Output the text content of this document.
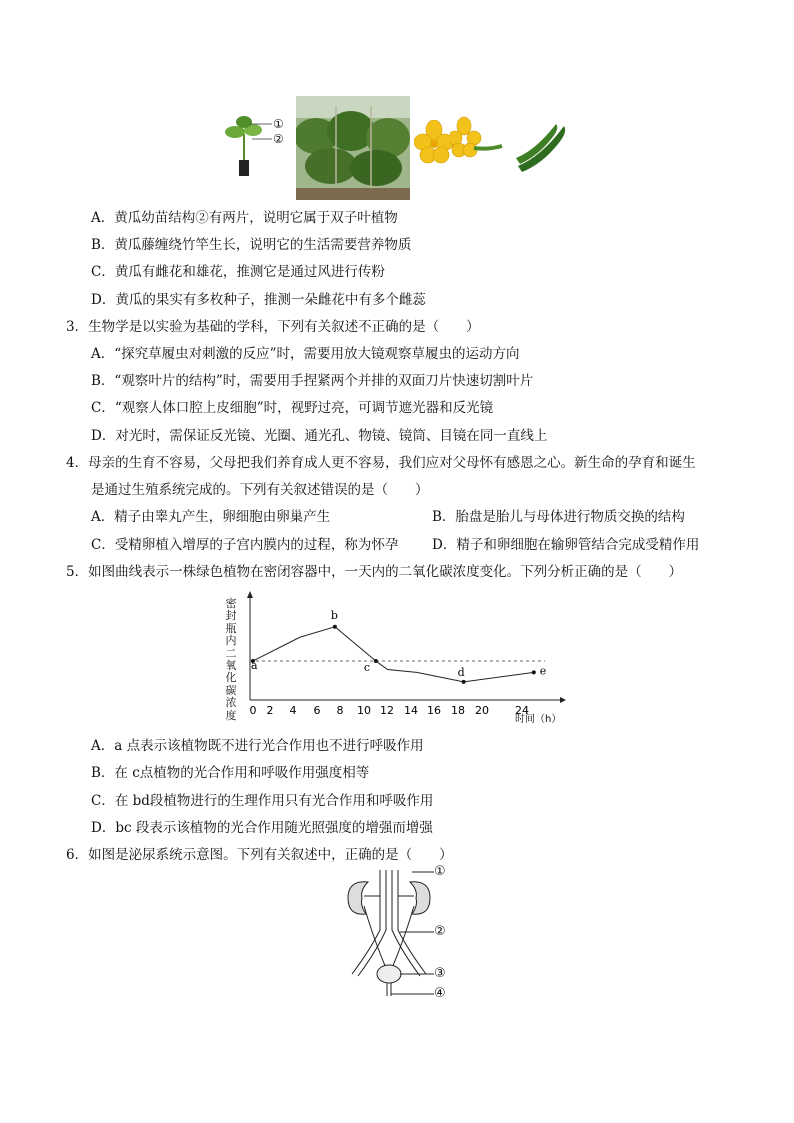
①
②
A．黄瓜幼苗结构②有两片，说明它属于双子叶植物
B．黄瓜藤缠绕竹竿生长，说明它的生活需要营养物质
C．黄瓜有雌花和雄花，推测它是通过风进行传粉
D．黄瓜的果实有多枚种子，推测一朵雌花中有多个雌蕊
3．生物学是以实验为基础的学科，下列有关叙述不正确的是（　　）
A．“探究草履虫对刺激的反应”时，需要用放大镜观察草履虫的运动方向
B．“观察叶片的结构”时，需要用手捏紧两个并排的双面刀片快速切割叶片
C．“观察人体口腔上皮细胞”时，视野过亮，可调节遮光器和反光镜
D．对光时，需保证反光镜、光圈、通光孔、物镜、镜筒、目镜在同一直线上
4．母亲的生育不容易，父母把我们养育成人更不容易，我们应对父母怀有感恩之心。新生命的孕育和诞生
是通过生殖系统完成的。下列有关叙述错误的是（　　）
A．精子由睾丸产生，卵细胞由卵巢产生	B．胎盘是胎儿与母体进行物质交换的结构
C．受精卵植入增厚的子宫内膜内的过程，称为怀孕 D．精子和卵细胞在输卵管结合完成受精作用
5．如图曲线表示一株绿色植物在密闭容器中，一天内的二氧化碳浓度变化。下列分析正确的是（　　）
密
封
瓶
内
二
氧
化
碳
浓
度 0 2 4 6 8 10 12 14 16 18 20 24
a
b
c	d	e
时间（h）
A．a 点表示该植物既不进行光合作用也不进行呼吸作用
B．在 c点植物的光合作用和呼吸作用强度相等
C．在 bd段植物进行的生理作用只有光合作用和呼吸作用
D．bc 段表示该植物的光合作用随光照强度的增强而增强
6．如图是泌尿系统示意图。下列有关叙述中，正确的是（　　）
①
②
③
④
